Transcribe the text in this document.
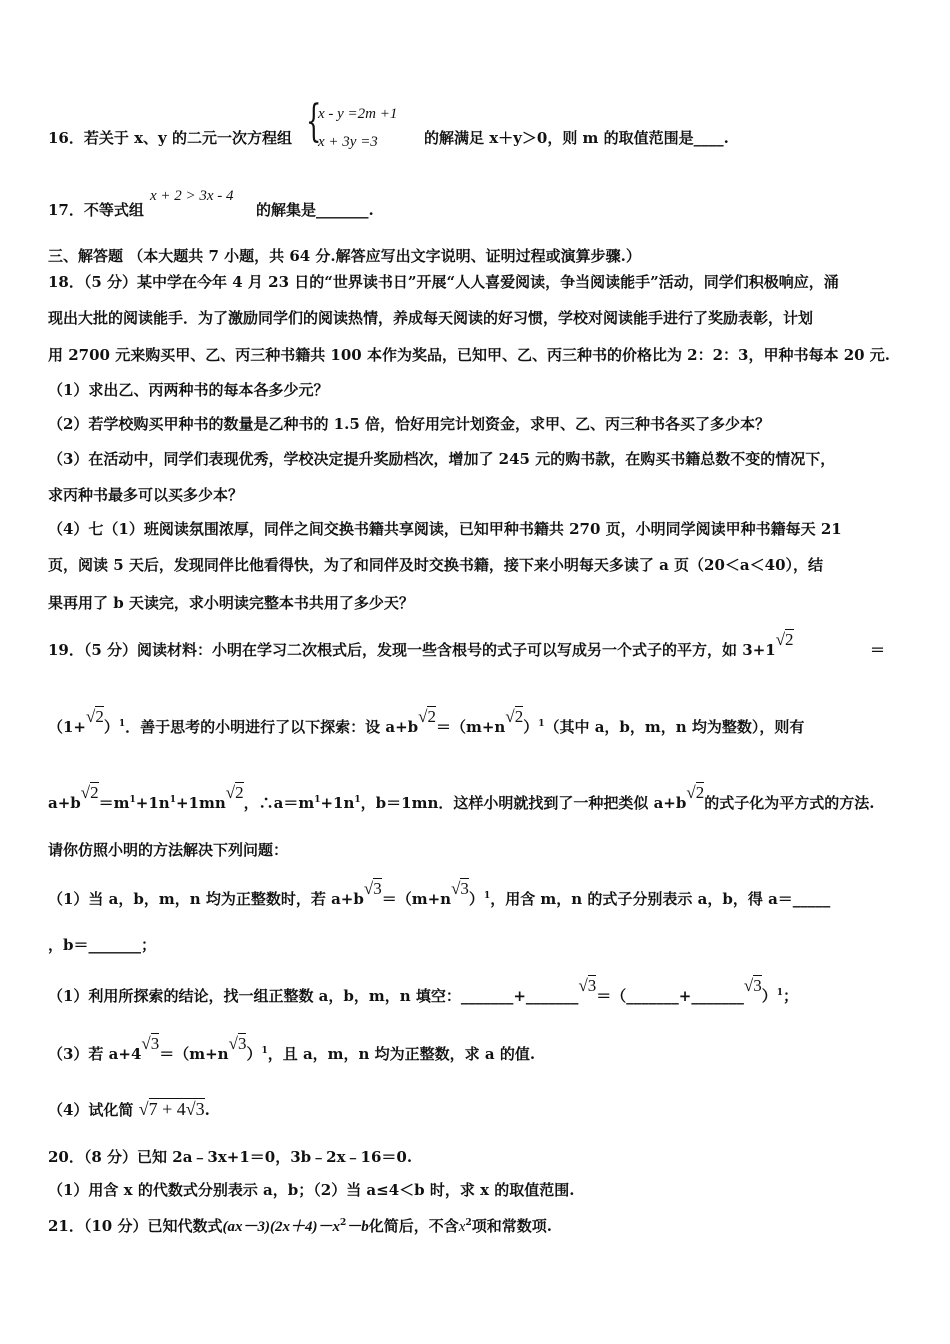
16．若关于 x、y 的二元一次方程组 {
x - y =2m +1
x + 3y =3	的解满足 x＋y＞0，则 m 的取值范围是____.
17．不等式组
x + 2 > 3x - 4
的解集是_______.
三、解答题 （本大题共 7 小题，共 64 分.解答应写出文字说明、证明过程或演算步骤.）
18．（5 分）某中学在今年 4 月 23 日的“世界读书日”开展“人人喜爱阅读，争当阅读能手”活动，同学们积极响应，涌
现出大批的阅读能手．为了激励同学们的阅读热情，养成每天阅读的好习惯，学校对阅读能手进行了奖励表彰，计划
用 2700 元来购买甲、乙、丙三种书籍共 100 本作为奖品，已知甲、乙、丙三种书的价格比为 2：2：3，甲种书每本 20 元.
（1）求出乙、丙两种书的每本各多少元？
（2）若学校购买甲种书的数量是乙种书的 1.5 倍，恰好用完计划资金，求甲、乙、丙三种书各买了多少本？
（3）在活动中，同学们表现优秀，学校决定提升奖励档次，增加了 245 元的购书款，在购买书籍总数不变的情况下，
求丙种书最多可以买多少本？
（4）七（1）班阅读氛围浓厚，同伴之间交换书籍共享阅读，已知甲种书籍共 270 页，小明同学阅读甲种书籍每天 21
页，阅读 5 天后，发现同伴比他看得快，为了和同伴及时交换书籍，接下来小明每天多读了 a 页（20＜a＜40），结
果再用了 b 天读完，求小明读完整本书共用了多少天？
19．（5 分）阅读材料：小明在学习二次根式后，发现一些含根号的式子可以写成另一个式子的平方，如 3+1√2
＝
$(1+√2)^1$．善于思考的小明进行了以下探索：设 $a+b√2=(m+n√2)^1$（其中 a，b，m，n 均为整数），则有
$a+b√2=m^1+1n^1+1mn√2$，$\therefore a=m^1+1n^1$，b＝1mn．这样小明就找到了一种把类似 a+b√2的式子化为平方式的方法.
请你仿照小明的方法解决下列问题：
（1）当 a，b，m，n 均为正整数时，若 $a+b√3=(m+n√3)^1$，用含 m，n 的式子分别表示 a，b，得 a＝_____
，b＝_______；
（1）利用所探索的结论，找一组正整数 a，b，m，n 填空：_______+_______√3＝（_______+_______√3）$^1$；
（3）若 $a+4√3=(m+n√3)^1$，且 a，m，n 均为正整数，求 a 的值.
（4）试化简 √7 + 4√3.
20．（8 分）已知 2a﹣3x+1＝0，3b﹣2x﹣16＝0.
（1）用含 x 的代数式分别表示 a，b；（2）当 a≤4＜b 时，求 x 的取值范围.
21．（10 分）已知代数式$(ax-3)(2x+4)-x^2-b$化简后，不含$x^2$项和常数项.
